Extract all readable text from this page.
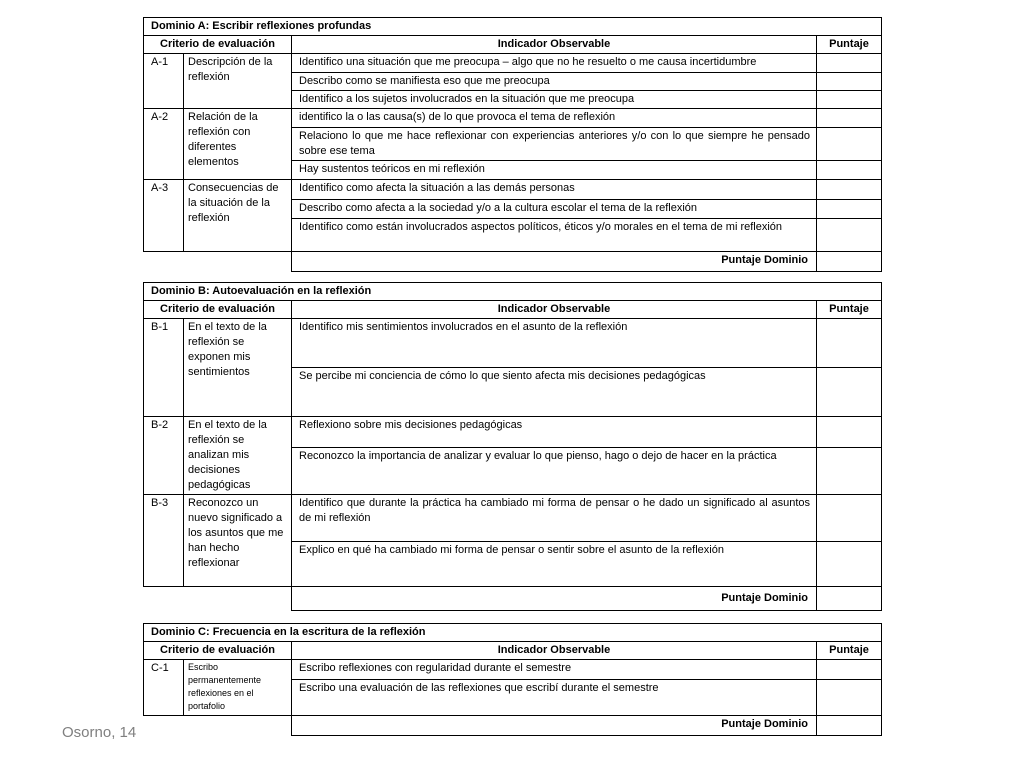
Dominio A: Escribir reflexiones profundas			
Criterio de evaluación		Indicador Observable	Puntaje
A-1	Descripción de la reflexión	Identifico una situación que me preocupa – algo que no he resuelto o me causa incertidumbre	
		Describo como se manifiesta eso que me preocupa	
		Identifico a los sujetos involucrados en la situación que me preocupa	
A-2	Relación de la reflexión con diferentes elementos	identifico la o las causa(s) de lo que provoca el tema de reflexión	
		Relaciono lo que me hace reflexionar con experiencias anteriores y/o con lo que siempre he pensado sobre ese tema	
		Hay sustentos teóricos en mi reflexión	
A-3	Consecuencias de la situación de la reflexión	Identifico como afecta la situación a las demás personas	
		Describo como afecta a la sociedad y/o a la cultura escolar el tema de la reflexión	
		Identifico como están involucrados aspectos políticos, éticos y/o morales en el tema de mi reflexión	
		Puntaje Dominio	
Dominio B: Autoevaluación en la reflexión			
Criterio de evaluación		Indicador Observable	Puntaje
B-1	En el texto de la reflexión se exponen mis sentimientos	Identifico mis sentimientos involucrados en el asunto de la reflexión	
		Se percibe mi conciencia de cómo lo que siento afecta mis decisiones pedagógicas	
B-2	En el texto de la reflexión se analizan mis decisiones pedagógicas	Reflexiono sobre mis decisiones pedagógicas	
		Reconozco la importancia de analizar y evaluar lo que pienso, hago o dejo de hacer en la práctica	
B-3	Reconozco un nuevo significado a los asuntos que me han hecho reflexionar	Identifico que durante la práctica ha cambiado mi forma de pensar o he dado un significado al asuntos de mi reflexión	
		Explico en qué ha cambiado mi forma de pensar o sentir sobre el asunto de la reflexión	
		Puntaje Dominio	
Dominio C: Frecuencia en la escritura de la reflexión			
Criterio de evaluación		Indicador Observable	Puntaje
C-1	Escribo permanentemente reflexiones en el portafolio	Escribo reflexiones con regularidad durante el semestre	
		Escribo una evaluación de las reflexiones que escribí durante el semestre	
		Puntaje Dominio	
Osorno, 14
